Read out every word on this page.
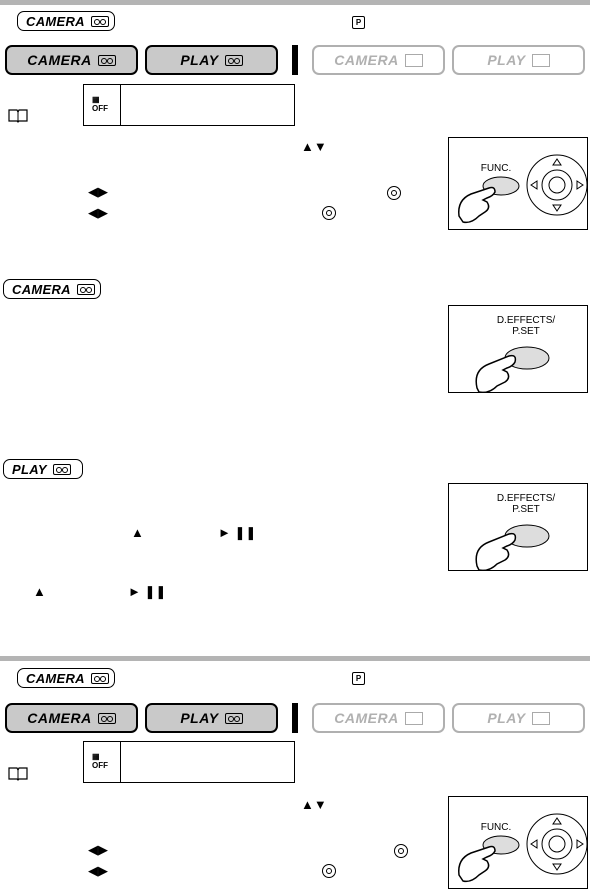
CAMERA	P
CAMERA	PLAY	CAMERA	PLAY
▦
OFF
▲▼
◀▶
◀▶
FUNC.
CAMERA
D.EFFECTS/
P.SET
PLAY
▲	► ❚❚
▲	► ❚❚
D.EFFECTS/
P.SET
CAMERA	P
CAMERA	PLAY	CAMERA	PLAY
▦
OFF
▲▼
◀▶
◀▶
FUNC.
